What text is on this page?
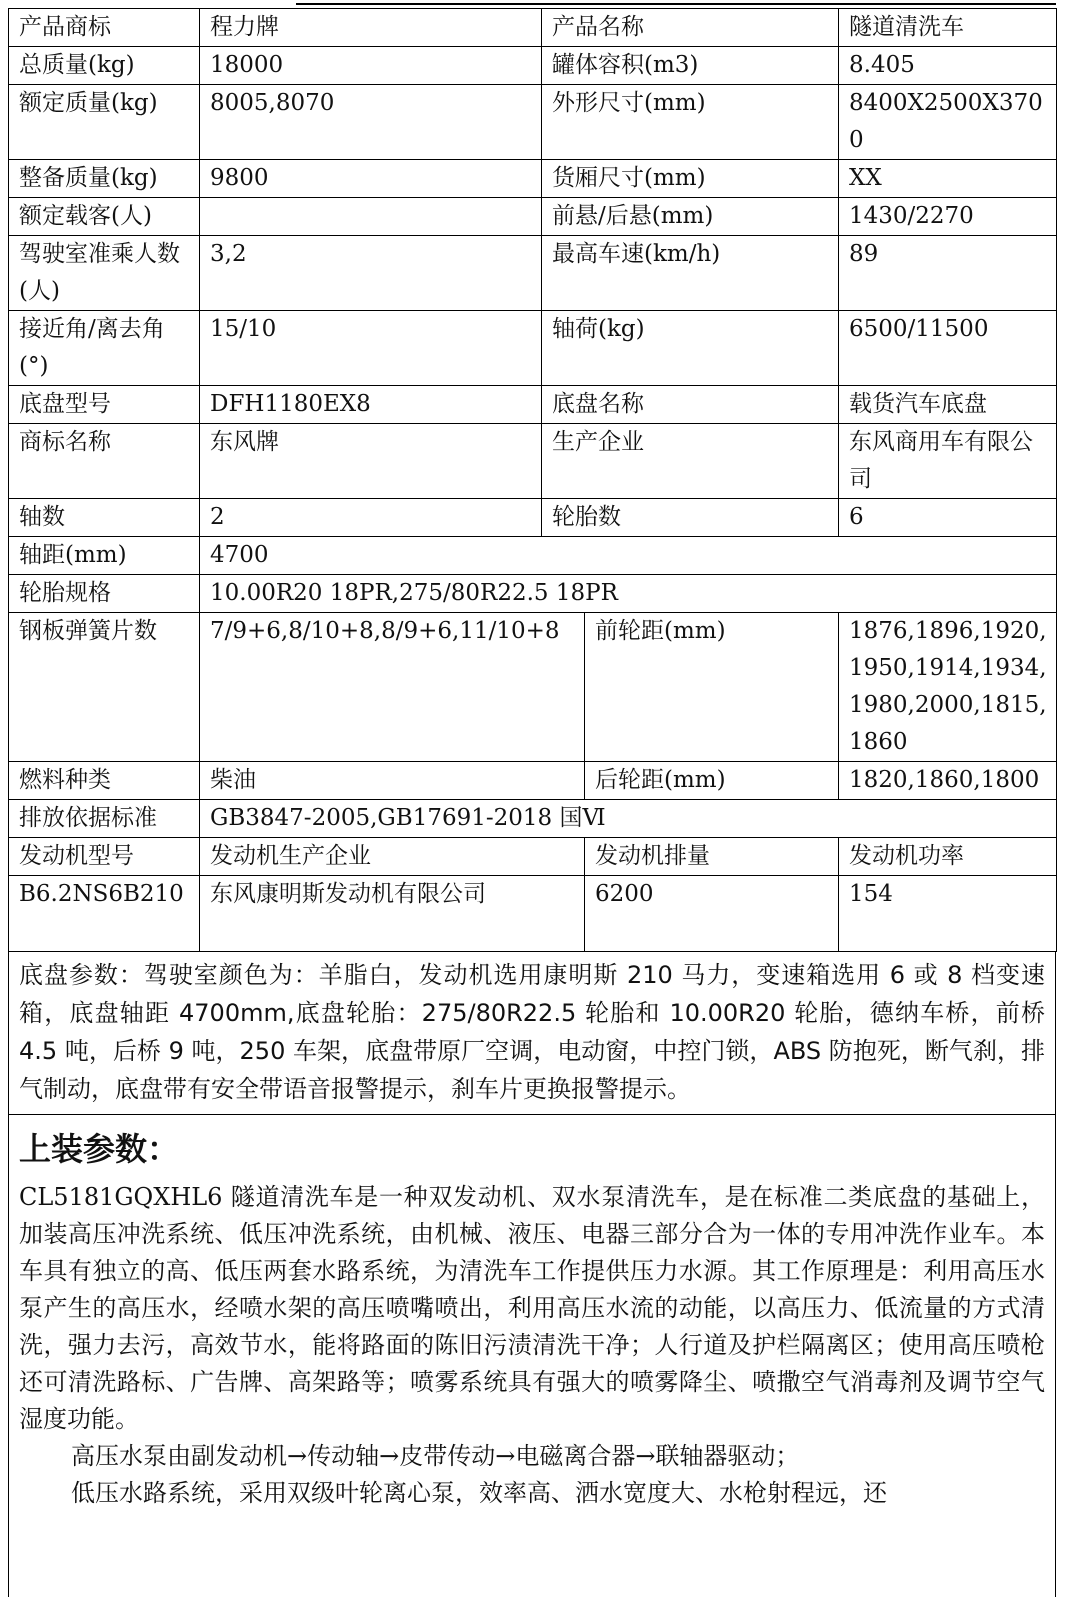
产品商标	程力牌	产品名称		隧道清洗车
总质量(kg)	18000	罐体容积(m3)		8.405
额定质量(kg)	8005,8070	外形尺寸(mm)		8400X2500X3700
整备质量(kg)	9800	货厢尺寸(mm)		XX
额定载客(人)		前悬/后悬(mm)		1430/2270
驾驶室准乘人数(人)	3,2	最高车速(km/h)		89
接近角/离去角(°)	15/10	轴荷(kg)		6500/11500
底盘型号	DFH1180EX8	底盘名称		载货汽车底盘
商标名称	东风牌	生产企业		东风商用车有限公司
轴数	2	轮胎数		6
轴距(mm)	4700			
轮胎规格	10.00R20 18PR,275/80R22.5 18PR			
钢板弹簧片数	7/9+6,8/10+8,8/9+6,11/10+8		前轮距(mm)	1876,1896,1920,1950,1914,1934,1980,2000,1815,1860
燃料种类	柴油		后轮距(mm)	1820,1860,1800
排放依据标准	GB3847-2005,GB17691-2018 国Ⅵ			
发动机型号	发动机生产企业		发动机排量	发动机功率
B6.2NS6B210	东风康明斯发动机有限公司		6200	154
底盘参数：驾驶室颜色为：羊脂白，发动机选用康明斯 210 马力，变速箱选用 6 或 8 档变速箱，底盘轴距 4700mm,底盘轮胎：275/80R22.5 轮胎和 10.00R20 轮胎，德纳车桥，前桥 4.5 吨，后桥 9 吨，250 车架，底盘带原厂空调，电动窗，中控门锁，ABS 防抱死，断气刹，排气制动，底盘带有安全带语音报警提示，刹车片更换报警提示。
上装参数：

CL5181GQXHL6 隧道清洗车是一种双发动机、双水泵清洗车，是在标准二类底盘的基础上，加装高压冲洗系统、低压冲洗系统，由机械、液压、电器三部分合为一体的专用冲洗作业车。本车具有独立的高、低压两套水路系统，为清洗车工作提供压力水源。其工作原理是：利用高压水泵产生的高压水，经喷水架的高压喷嘴喷出，利用高压水流的动能，以高压力、低流量的方式清洗，强力去污，高效节水，能将路面的陈旧污渍清洗干净；人行道及护栏隔离区；使用高压喷枪还可清洗路标、广告牌、高架路等；喷雾系统具有强大的喷雾降尘、喷撒空气消毒剂及调节空气湿度功能。

高压水泵由副发动机→传动轴→皮带传动→电磁离合器→联轴器驱动；

低压水路系统，采用双级叶轮离心泵，效率高、洒水宽度大、水枪射程远，还
